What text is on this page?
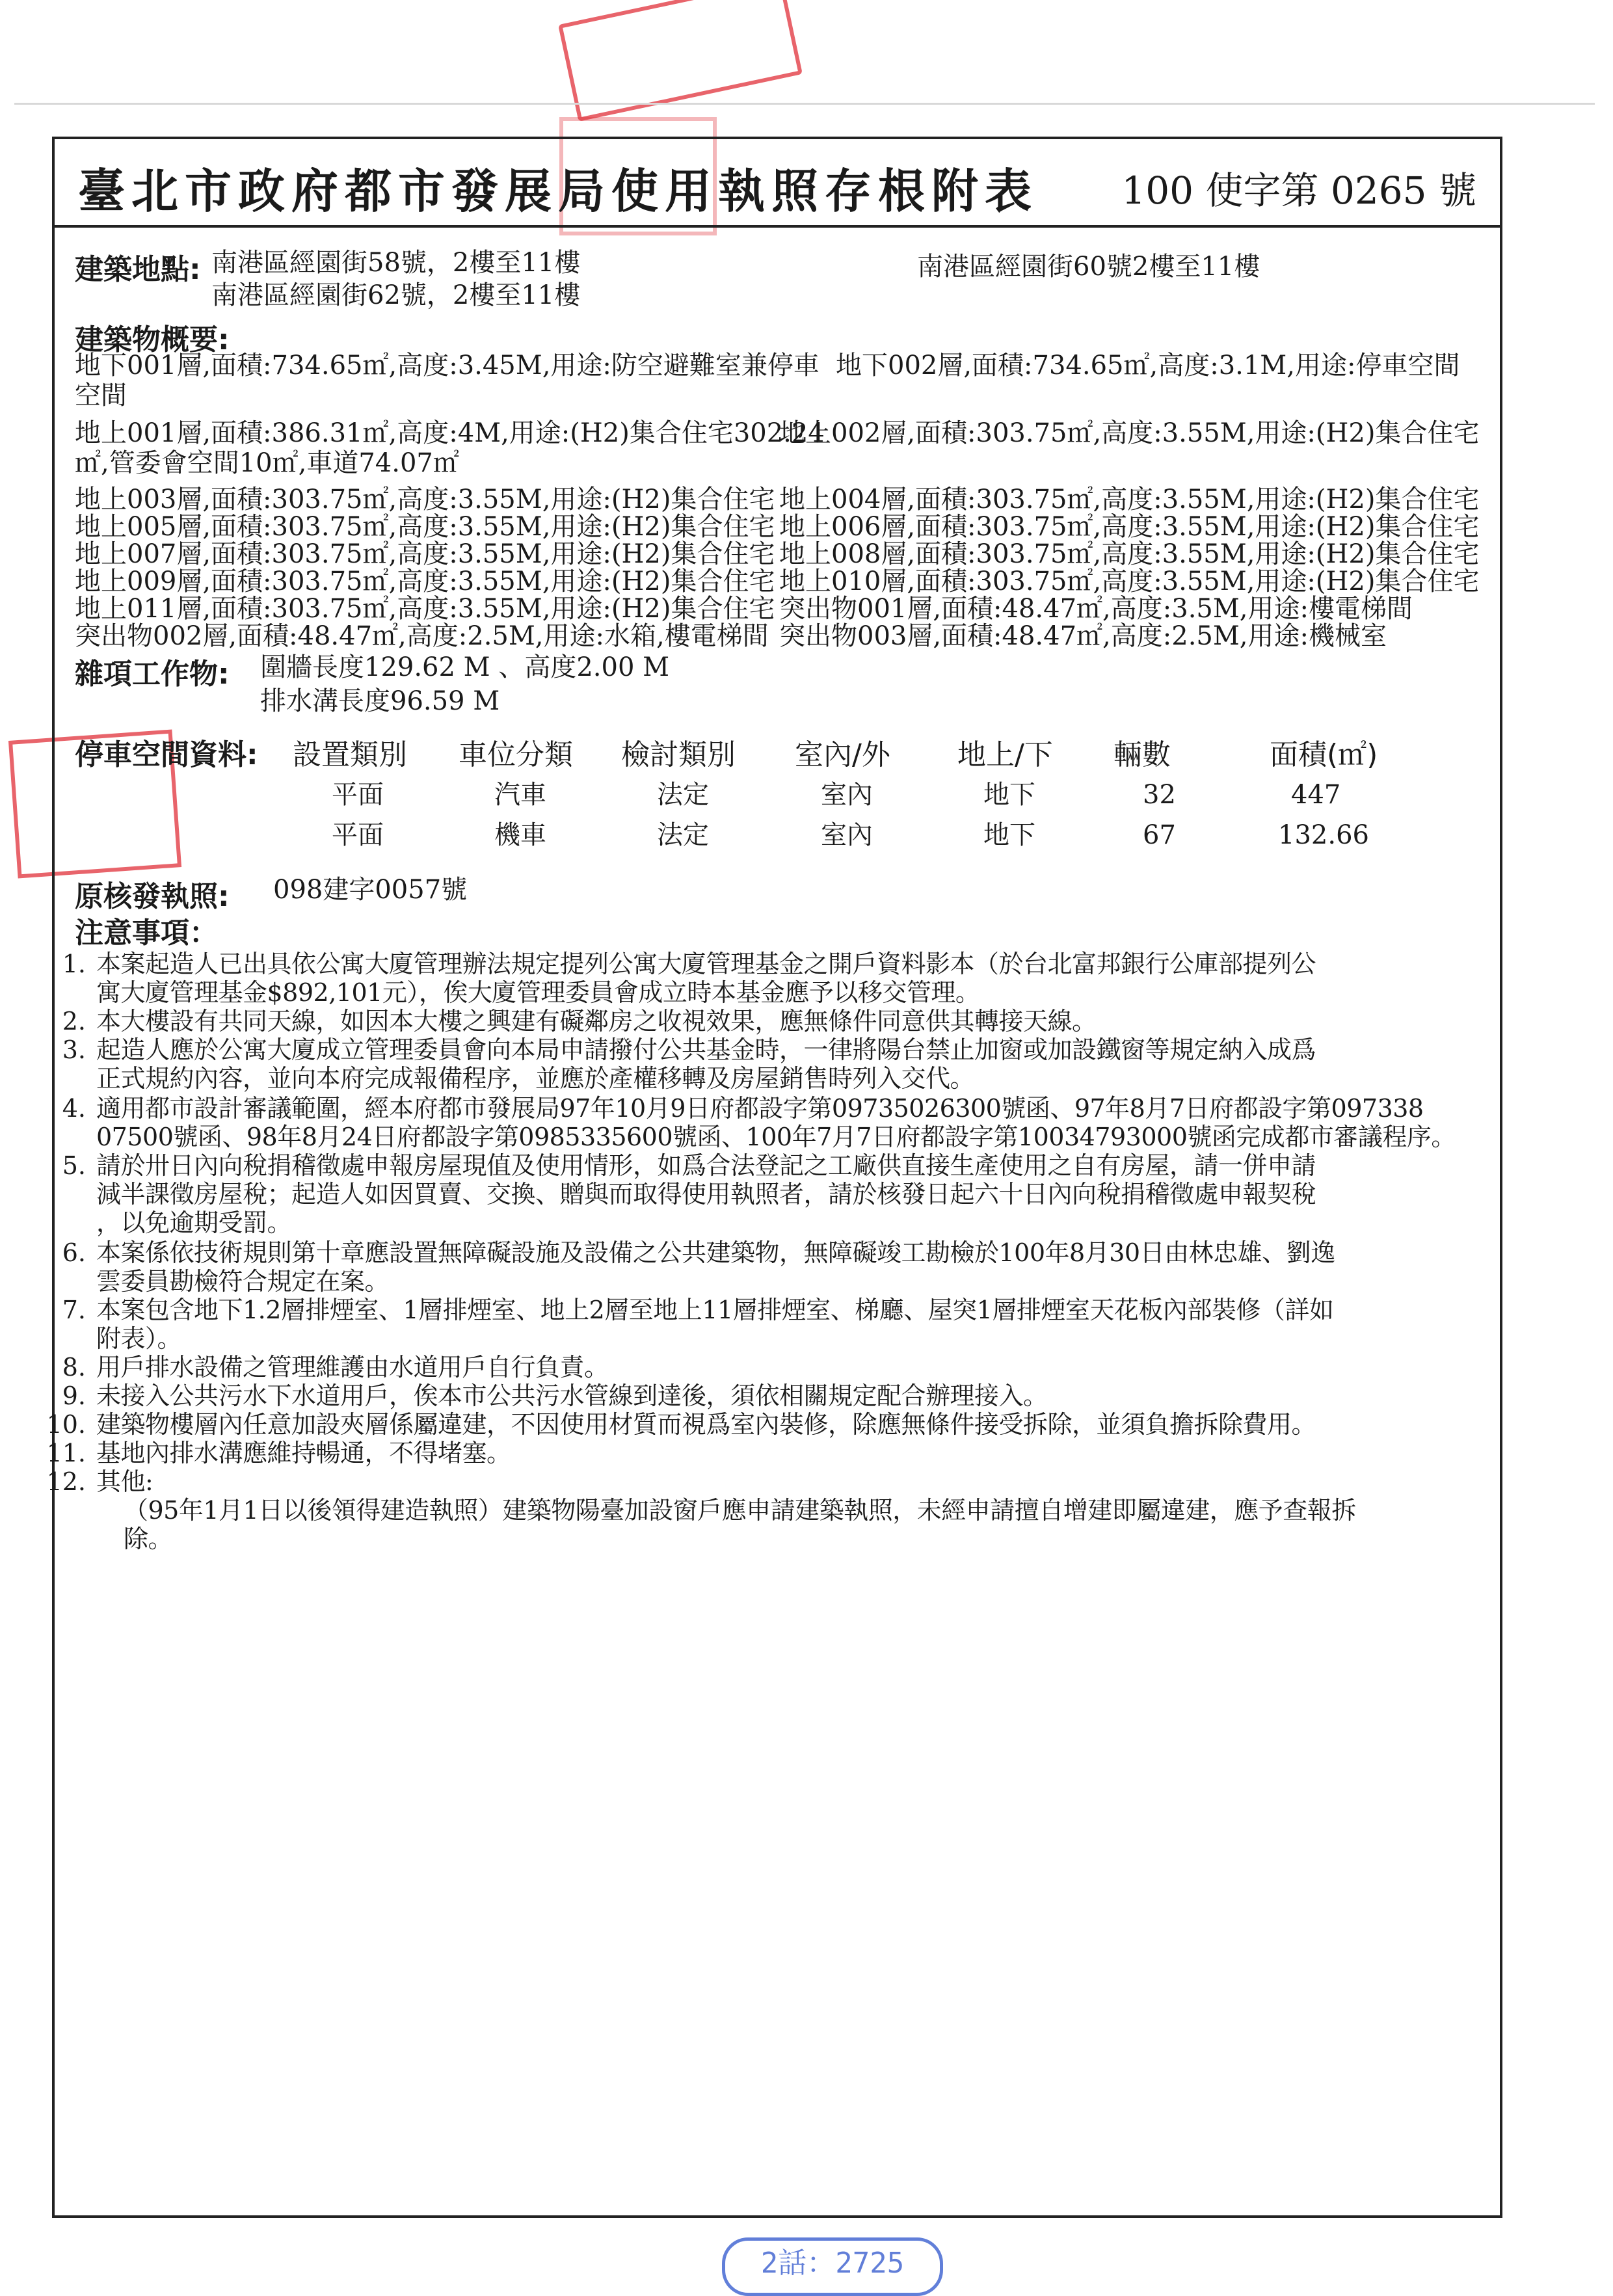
臺北市政府都市發展局使用執照存根附表 100 使字第 0265 號
建築地點: 南港區經園街58號，2樓至11樓
南港區經園街62號，2樓至11樓
南港區經園街60號2樓至11樓
建築物概要:
地下001層,面積:734.65㎡,高度:3.45M,用途:防空避難室兼停車 地下002層,面積:734.65㎡,高度:3.1M,用途:停車空間
空間
地上001層,面積:386.31㎡,高度:4M,用途:(H2)集合住宅302.24
地上002層,面積:303.75㎡,高度:3.55M,用途:(H2)集合住宅
㎡,管委會空間10㎡,車道74.07㎡
地上003層,面積:303.75㎡,高度:3.55M,用途:(H2)集合住宅 地上004層,面積:303.75㎡,高度:3.55M,用途:(H2)集合住宅
地上005層,面積:303.75㎡,高度:3.55M,用途:(H2)集合住宅 地上006層,面積:303.75㎡,高度:3.55M,用途:(H2)集合住宅
地上007層,面積:303.75㎡,高度:3.55M,用途:(H2)集合住宅 地上008層,面積:303.75㎡,高度:3.55M,用途:(H2)集合住宅
地上009層,面積:303.75㎡,高度:3.55M,用途:(H2)集合住宅 地上010層,面積:303.75㎡,高度:3.55M,用途:(H2)集合住宅
地上011層,面積:303.75㎡,高度:3.55M,用途:(H2)集合住宅 突出物001層,面積:48.47㎡,高度:3.5M,用途:樓電梯間
突出物002層,面積:48.47㎡,高度:2.5M,用途:水箱,樓電梯間 突出物003層,面積:48.47㎡,高度:2.5M,用途:機械室
雜項工作物: 圍牆長度129.62 M 、高度2.00 M
排水溝長度96.59 M
停車空間資料: 設置類別 車位分類 檢討類別 室內/外 地上/下 輛數	面積(㎡)
平面	汽車	法定	室內	地下	32	447
平面	機車	法定	室內	地下	67	132.66
原核發執照: 098建字0057號
注意事項：
1. 本案起造人已出具依公寓大廈管理辦法規定提列公寓大廈管理基金之開戶資料影本（於台北富邦銀行公庫部提列公
寓大廈管理基金$892,101元），俟大廈管理委員會成立時本基金應予以移交管理。
2. 本大樓設有共同天線，如因本大樓之興建有礙鄰房之收視效果，應無條件同意供其轉接天線。
3. 起造人應於公寓大廈成立管理委員會向本局申請撥付公共基金時，一律將陽台禁止加窗或加設鐵窗等規定納入成爲
正式規約內容，並向本府完成報備程序，並應於產權移轉及房屋銷售時列入交代。
4. 適用都市設計審議範圍，經本府都市發展局97年10月9日府都設字第09735026300號函、97年8月7日府都設字第097338
07500號函、98年8月24日府都設字第0985335600號函、100年7月7日府都設字第10034793000號函完成都市審議程序。
5. 請於卅日內向稅捐稽徵處申報房屋現值及使用情形，如爲合法登記之工廠供直接生產使用之自有房屋，請一併申請
減半課徵房屋稅；起造人如因買賣、交換、贈與而取得使用執照者，請於核發日起六十日內向稅捐稽徵處申報契稅
，以免逾期受罰。
6. 本案係依技術規則第十章應設置無障礙設施及設備之公共建築物，無障礙竣工勘檢於100年8月30日由林忠雄、劉逸
雲委員勘檢符合規定在案。
7. 本案包含地下1.2層排煙室、1層排煙室、地上2層至地上11層排煙室、梯廳、屋突1層排煙室天花板內部裝修（詳如
附表）。
8. 用戶排水設備之管理維護由水道用戶自行負責。
9. 未接入公共污水下水道用戶，俟本市公共污水管線到達後，須依相關規定配合辦理接入。
10. 建築物樓層內任意加設夾層係屬違建，不因使用材質而視爲室內裝修，除應無條件接受拆除，並須負擔拆除費用。
11. 基地內排水溝應維持暢通，不得堵塞。
12. 其他:
（95年1月1日以後領得建造執照）建築物陽臺加設窗戶應申請建築執照，未經申請擅自增建即屬違建，應予查報拆
除。
2話：2725
